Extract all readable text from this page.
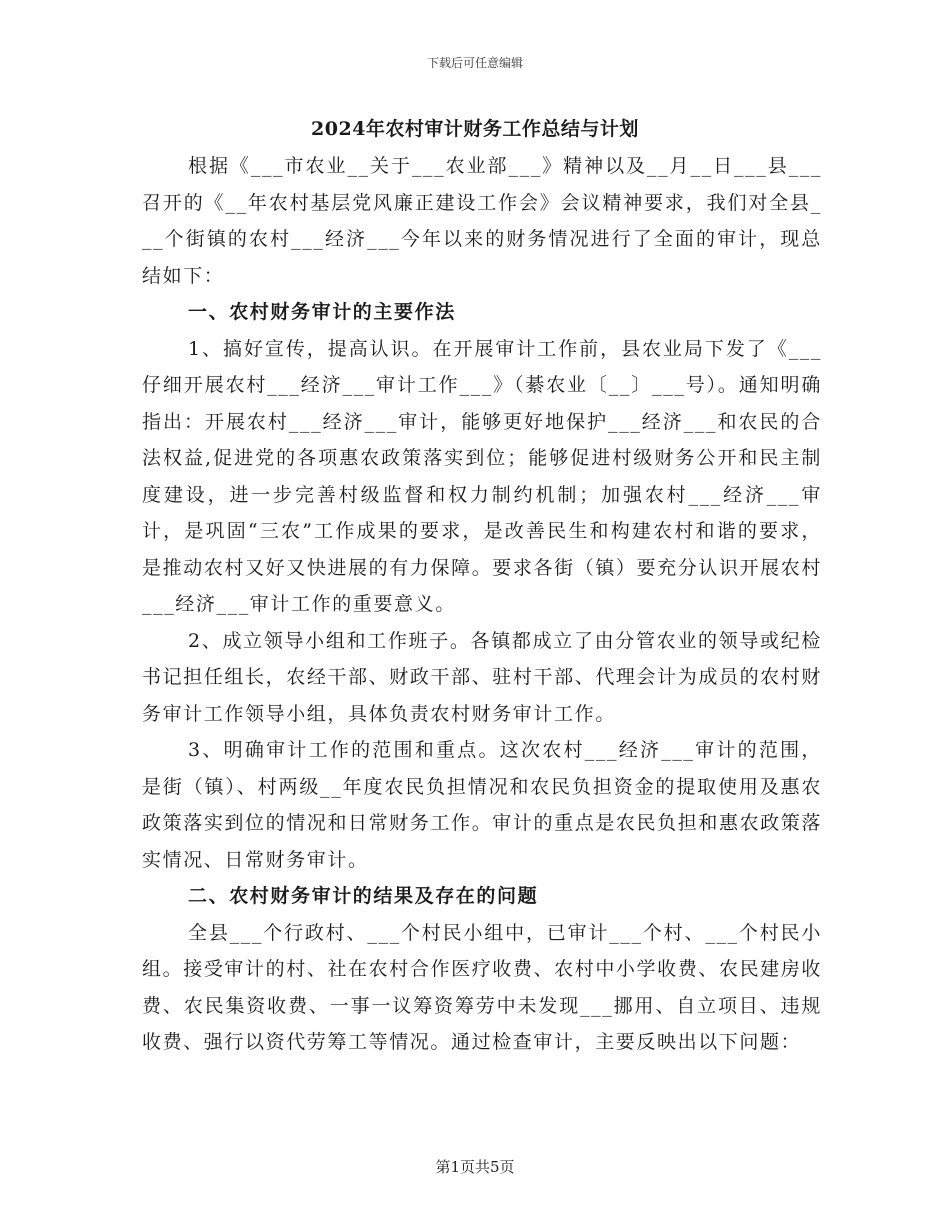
下载后可任意编辑
2024年农村审计财务工作总结与计划

根据《___市农业__关于___农业部___》精神以及__月__日___县___召开的《__年农村基层党风廉正建设工作会》会议精神要求，我们对全县___个街镇的农村___经济___今年以来的财务情况进行了全面的审计，现总结如下：

一、农村财务审计的主要作法

1、搞好宣传，提高认识。在开展审计工作前，县农业局下发了《___仔细开展农村___经济___审计工作___》（綦农业〔__〕___号）。通知明确指出：开展农村___经济___审计，能够更好地保护___经济___和农民的合法权益,促进党的各项惠农政策落实到位；能够促进村级财务公开和民主制度建设，进一步完善村级监督和权力制约机制；加强农村___经济___审计，是巩固“三农”工作成果的要求，是改善民生和构建农村和谐的要求，是推动农村又好又快进展的有力保障。要求各街（镇）要充分认识开展农村___经济___审计工作的重要意义。

2、成立领导小组和工作班子。各镇都成立了由分管农业的领导或纪检书记担任组长，农经干部、财政干部、驻村干部、代理会计为成员的农村财务审计工作领导小组，具体负责农村财务审计工作。

3、明确审计工作的范围和重点。这次农村___经济___审计的范围，是街（镇）、村两级__年度农民负担情况和农民负担资金的提取使用及惠农政策落实到位的情况和日常财务工作。审计的重点是农民负担和惠农政策落实情况、日常财务审计。

二、农村财务审计的结果及存在的问题

全县___个行政村、___个村民小组中，已审计___个村、___个村民小组。接受审计的村、社在农村合作医疗收费、农村中小学收费、农民建房收费、农民集资收费、一事一议筹资筹劳中未发现___挪用、自立项目、违规收费、强行以资代劳筹工等情况。通过检查审计，主要反映出以下问题：

第1页共5页
